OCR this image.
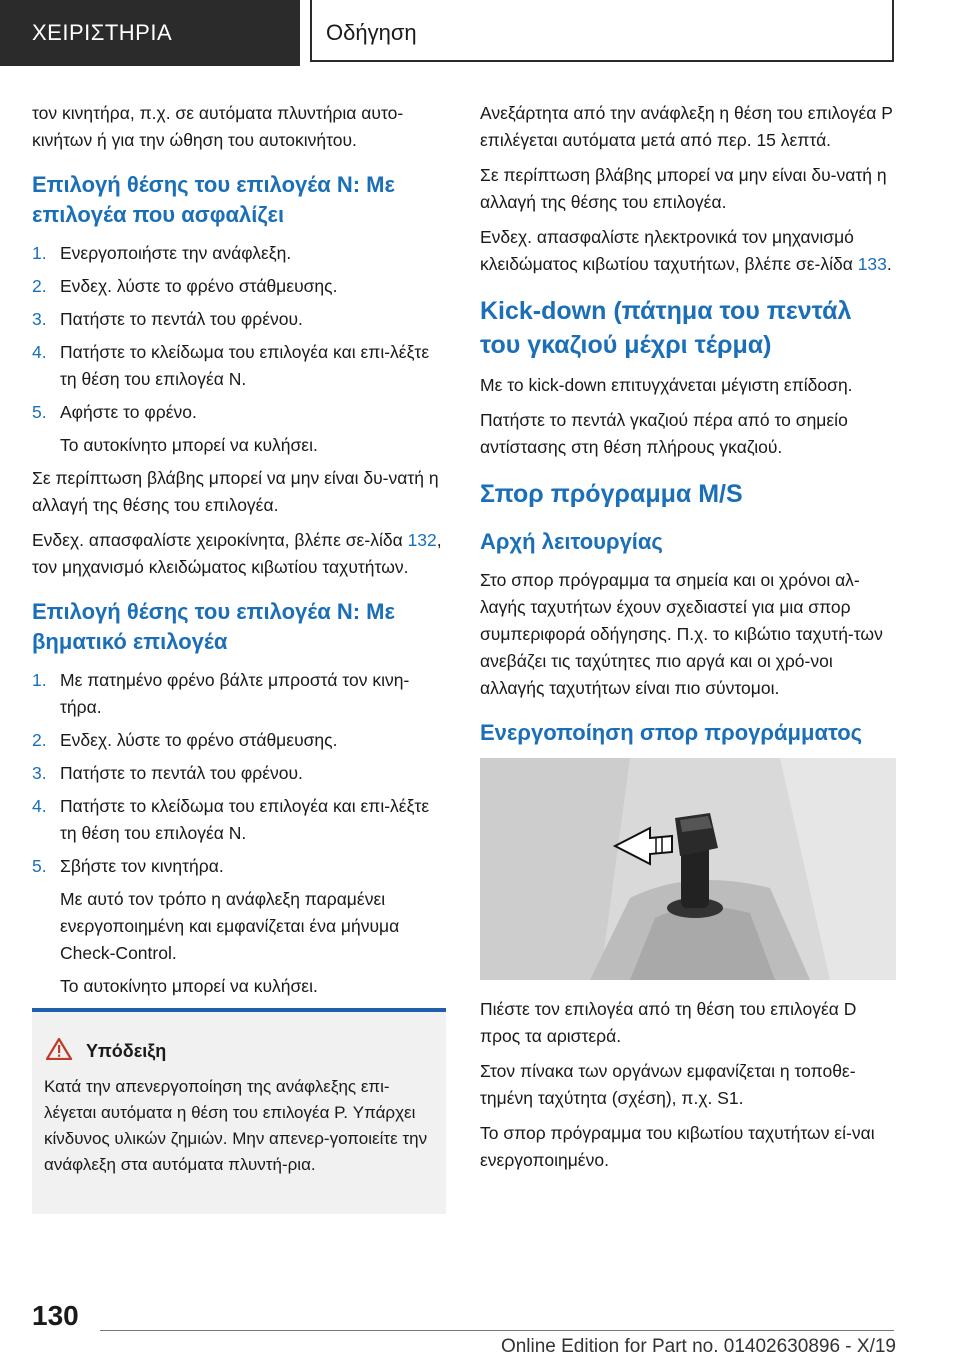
ΧΕΙΡΙΣΤΗΡΙΑ	Οδήγηση

τον κινητήρα, π.χ. σε αυτόματα πλυντήρια αυτο-κινήτων ή για την ώθηση του αυτοκινήτου.

Επιλογή θέσης του επιλογέα N: Με επιλογέα που ασφαλίζει
1. Ενεργοποιήστε την ανάφλεξη.
2. Ενδεχ. λύστε το φρένο στάθμευσης.
3. Πατήστε το πεντάλ του φρένου.
4. Πατήστε το κλείδωμα του επιλογέα και επι-λέξτε τη θέση του επιλογέα N.
5. Αφήστε το φρένο.

Το αυτοκίνητο μπορεί να κυλήσει.

Σε περίπτωση βλάβης μπορεί να μην είναι δυ-νατή η αλλαγή της θέσης του επιλογέα.

Ενδεχ. απασφαλίστε χειροκίνητα, βλέπε σε-λίδα 132, τον μηχανισμό κλειδώματος κιβωτίου ταχυτήτων.

Επιλογή θέσης του επιλογέα N: Με βηματικό επιλογέα
1. Με πατημένο φρένο βάλτε μπροστά τον κινη-τήρα.
2. Ενδεχ. λύστε το φρένο στάθμευσης.
3. Πατήστε το πεντάλ του φρένου.
4. Πατήστε το κλείδωμα του επιλογέα και επι-λέξτε τη θέση του επιλογέα N.
5. Σβήστε τον κινητήρα.

Με αυτό τον τρόπο η ανάφλεξη παραμένει ενεργοποιημένη και εμφανίζεται ένα μήνυμα Check-Control.

Το αυτοκίνητο μπορεί να κυλήσει.

Υπόδειξη
Κατά την απενεργοποίηση της ανάφλεξης επι-λέγεται αυτόματα η θέση του επιλογέα P. Υπάρχει κίνδυνος υλικών ζημιών. Μην απενερ-γοποιείτε την ανάφλεξη στα αυτόματα πλυντή-ρια.

Ανεξάρτητα από την ανάφλεξη η θέση του επιλογέα P επιλέγεται αυτόματα μετά από περ. 15 λεπτά.

Σε περίπτωση βλάβης μπορεί να μην είναι δυ-νατή η αλλαγή της θέσης του επιλογέα.

Ενδεχ. απασφαλίστε ηλεκτρονικά τον μηχανισμό κλειδώματος κιβωτίου ταχυτήτων, βλέπε σε-λίδα 133.

Kick-down (πάτημα του πεντάλ του γκαζιού μέχρι τέρμα)

Με το kick-down επιτυγχάνεται μέγιστη επίδοση.

Πατήστε το πεντάλ γκαζιού πέρα από το σημείο αντίστασης στη θέση πλήρους γκαζιού.

Σπορ πρόγραμμα M/S
Αρχή λειτουργίας

Στο σπορ πρόγραμμα τα σημεία και οι χρόνοι αλ-λαγής ταχυτήτων έχουν σχεδιαστεί για μια σπορ συμπεριφορά οδήγησης. Π.χ. το κιβώτιο ταχυτή-των ανεβάζει τις ταχύτητες πιο αργά και οι χρό-νοι αλλαγής ταχυτήτων είναι πιο σύντομοι.

Ενεργοποίηση σπορ προγράμματος

Πιέστε τον επιλογέα από τη θέση του επιλογέα D προς τα αριστερά.

Στον πίνακα των οργάνων εμφανίζεται η τοποθε-τημένη ταχύτητα (σχέση), π.χ. S1.

Το σπορ πρόγραμμα του κιβωτίου ταχυτήτων εί-ναι ενεργοποιημένο.

130
Online Edition for Part no. 01402630896 - X/19
